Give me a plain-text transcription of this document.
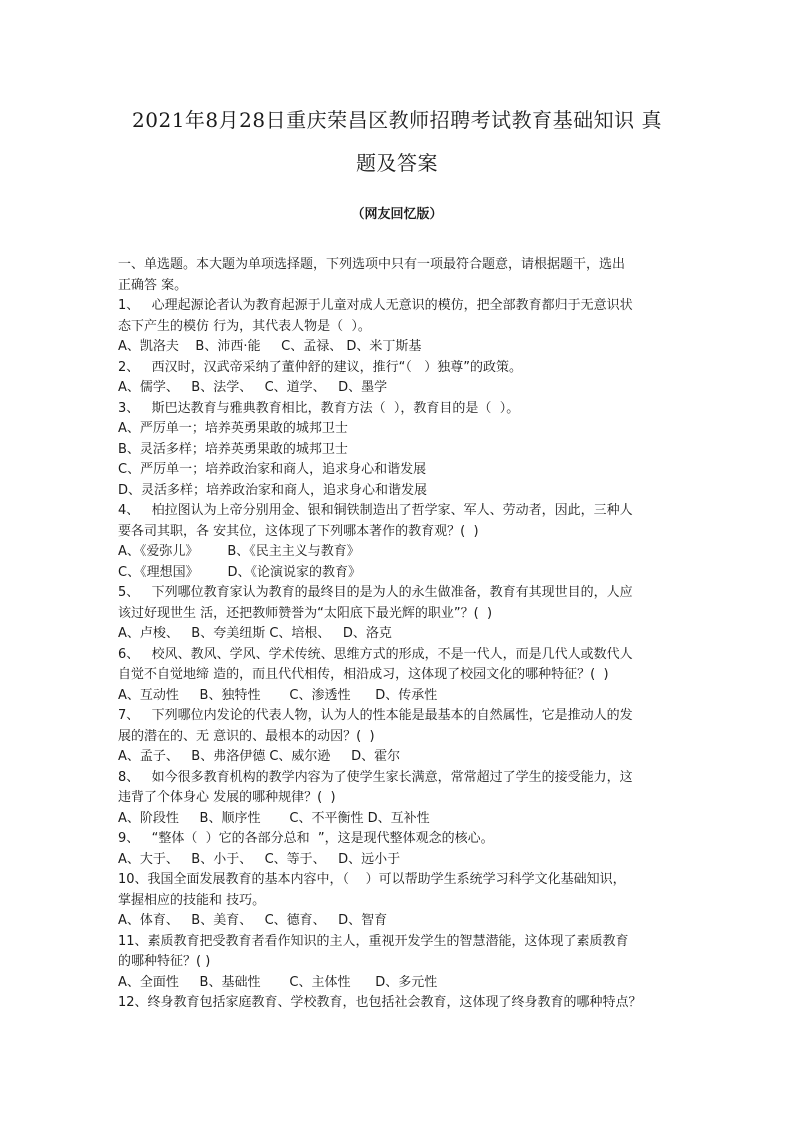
2021年8月28日重庆荣昌区教师招聘考试教育基础知识 真
题及答案
（网友回忆版）
一、单选题。本大题为单项选择题，下列选项中只有一项最符合题意，请根据题干，选出
正确答 案。
1、   心理起源论者认为教育起源于儿童对成人无意识的模仿，把全部教育都归于无意识状
态下产生的模仿 行为，其代表人物是（  ）。
A、凯洛夫    B、沛西·能     C、孟禄、 D、米丁斯基
2、   西汉时，汉武帝采纳了董仲舒的建议，推行“（   ）独尊”的政策。
A、儒学、   B、法学、   C、道学、   D、墨学
3、   斯巴达教育与雅典教育相比，教育方法（  ），教育目的是（  ）。
A、严厉单一；培养英勇果敢的城邦卫士
B、灵活多样；培养英勇果敢的城邦卫士
C、严厉单一；培养政治家和商人，追求身心和谐发展
D、灵活多样；培养政治家和商人，追求身心和谐发展
4、   柏拉图认为上帝分别用金、银和铜铁制造出了哲学家、军人、劳动者，因此，三种人
要各司其职，各 安其位，这体现了下列哪本著作的教育观？(  )
A、《爱弥儿》       B、《民主主义与教育》
C、《理想国》       D、《论演说家的教育》
5、   下列哪位教育家认为教育的最终目的是为人的永生做准备，教育有其现世目的，人应
该过好现世生 活，还把教师赞誉为“太阳底下最光辉的职业”？(  )
A、卢梭、   B、夸美纽斯 C、培根、   D、洛克
6、   校风、教风、学风、学术传统、思维方式的形成，不是一代人，而是几代人或数代人
自觉不自觉地缔 造的，而且代代相传，相沿成习，这体现了校园文化的哪种特征？(  )
A、互动性     B、独特性       C、渗透性      D、传承性
7、   下列哪位内发论的代表人物，认为人的性本能是最基本的自然属性，它是推动人的发
展的潜在的、无 意识的、最根本的动因？(  )
A、孟子、   B、弗洛伊德 C、威尔逊     D、霍尔
8、   如今很多教育机构的教学内容为了使学生家长满意，常常超过了学生的接受能力，这
违背了个体身心 发展的哪种规律？(  )
A、阶段性     B、顺序性       C、不平衡性 D、互补性
9、   “整体（  ）它的各部分总和  ”，这是现代整体观念的核心。
A、大于、   B、小于、   C、等于、   D、远小于
10、我国全面发展教育的基本内容中，（    ）可以帮助学生系统学习科学文化基础知识，
掌握相应的技能和 技巧。
A、体育、   B、美育、   C、德育、   D、智育
11、素质教育把受教育者看作知识的主人，重视开发学生的智慧潜能，这体现了素质教育
的哪种特征？( )
A、全面性     B、基础性       C、主体性      D、多元性
12、终身教育包括家庭教育、学校教育，也包括社会教育，这体现了终身教育的哪种特点？
